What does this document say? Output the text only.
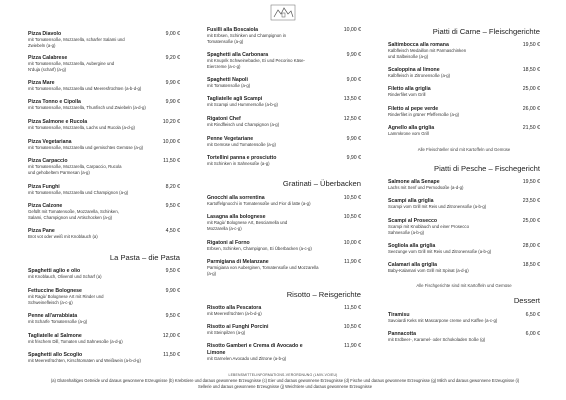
Pizza Diavolo	9,00 €
mit Tomatensoße, Mozzarella, scharfer Salami und
Zwiebeln (a-g)
Pizza Calabrese	9,20 €
mit Tomatensoße, Mozzarella, Aubergine und
N'duja (scharf) (a-g)
Pizza Mare	9,90 €
mit Tomatensoße, Mozzarella und Meeresfrüchten (a-b-d-g)
Pizza Tonno e Cipolla	9,90 €
mit Tomatensoße, Mozzarella, Thunfisch und Zwiebeln (a-d-g)
Pizza Salmone e Rucola	10,20 €
mit Tomatensoße, Mozzarella, Lachs und Rucola (a-d-g)
Pizza Vegetariana	10,00 €
mit Tomatensoße, Mozzarella und gemischtes Gemüse (a-g)
Pizza Carpaccio	11,50 €
mit Tomatensoße, Mozzarella, Carpaccio, Rucola
und gehobeltem Parmesan (a-g)
Pizza Funghi	8,20 €
mit Tomatensoße, Mozzarella und Champignon (a-g)
Pizza Calzone	9,50 €
Gefüllt mit Tomatensoße, Mozzarella, Schinken,
Salami, Champignon und Artischocken (a-g)
Pizza Pane	4,50 €
Brot vot oder weiß mit Knoblauch (a)
La Pasta – die Pasta
Spaghetti aglio e olio	9,50 €
mit Knoblauch, Olivenöl und Scharf (a)
Fettuccine Bolognese	9,90 €
mit Ragù/ Bolognese Art mit Rinder und
Schweinefleisch (a-c-g)
Penne all'arrabbiata	9,50 €
mit Scharfe Tomatensoße (a-g)
Tagliatelle al Salmone	12,00 €
mit frischem Dill, Tomaten und Sahnesoße (a-d-g)
Spaghetti allo Scoglio	11,50 €
mit Meeresfrüchten, Kirschtomaten und Weißwein (a-b-d-g)
Fusilli alla Boscaiola	10,00 €
mit Erbsen, Schinken und Champignon in
Tomatensoße (a-g)
Spaghetti alla Carbonara	9,90 €
mit Knuprik Schweinebacke, Ei und Pecorino Käse-
Eiercreme (a-c-g)
Spaghetti Napoli	9,00 €
mit Tomatensoße (a-g)
Tagliatelle agli Scampi	13,50 €
mit Scampi und Hummersoße (a-b-g)
Rigatoni Chef	12,50 €
mit Rindfleisch und Champignon (a-g)
Penne Vegetariane	9,90 €
mit Gemüse und Tomatensoße (a-g)
Tortellini panna e prosciutto	9,90 €
mit Schinken in Sahnesoße (a-g)
Gratinati – Überbacken
Gnocchi alla sorrentina	10,50 €
Kartoffelgnocchi in Tomatensoße und Fior di latte (a-g)
Lasagna alla bolognese	10,50 €
mit Ragù/ Bolognese Art, Besciamella und
Mozzarella (a-c-g)
Rigatoni al Forno	10,00 €
Erbsen, Schinken, Champignon, Ei Überbacken (a-c-g)
Parmigiana di Melanzane	11,90 €
Parmigiana von Auberginen, Tomatensoße und Mozzarella
(a-g)
Risotto – Reisgerichte
Risotto alla Pescatora	11,50 €
mit Meeresfrüchten (a-b-d-g)
Risotto ai Funghi Porcini	10,50 €
mit Steinpilzen (a-g)
Risotto Gamberi e Crema di Avocado e	11,90 €
Limone
mit Garnelen Avocado und Zitrone (a-b-g)
Piatti di Carne – Fleischgerichte
Saltimbocca alla romana	19,50 €
Kalbfleisch Medaillon mit Parmaschinken
und Salbeisoße (a-g)
Scaloppina al limone	18,50 €
Kalbfleisch in Zitronensoße (a-g)
Filetto alla griglia	25,00 €
Rinderfilet vom Grill
Filetto al pepe verde	26,00 €
Rinderfilet in grüner Pfeffersoße (a-g)
Agnello alla griglia	21,50 €
Lammkrone vom Grill
Alle Fleischteller sind mit Kartoffeln und Gemüse
Piatti di Pesche – Fischegericht
Salmone alla Senape	19,50 €
Lachs mit Senf und Pernodsoße (a-d-g)
Scampi alla griglia	23,50 €
Scampi vom Grill mit Reis und Zitronensoße (a-b-g)
Scampi al Prosecco	25,00 €
Scampi mit Knoblauch und einer Prosecco
Sahnesoße (a-b-g)
Sogliola alla griglia	28,00 €
Seezunge vom Grill mit Reis und Zitronensoße (a-b-g)
Calamari alla griglia	18,50 €
Baby-Kalamari vom Grill mit Spinat (a-d-g)
Alle Fischgerichte sind mit Kartoffeln und Gemüse
Dessert
Tiramisu	6,50 €
Savoiardi Keks mit Mascarpone creme und Kaffee (a-c-g)
Pannacotta	6,00 €
mit Erdbeer-, Karamel- oder Schokoladen Soße (g)
LEBENSMITTELINFORMATIONS-VERORDNUNG (LMIV-VO/EU)
(a) Glutenhaltiges Getreide und daraus gewonnene Erzeugnisse (b) Krebstiere und daraus gewonnene Erzeugnisse (c) Eier und daraus gewonnene Erzeugnisse (d) Fische und daraus gewonnene Erzeugnisse (g) Milch und daraus gewonnene Erzeugnisse (i)
Sellerie und daraus gewonnene Erzeugnisse (j) Weichtiere und daraus gewonnene Erzeugnisse
